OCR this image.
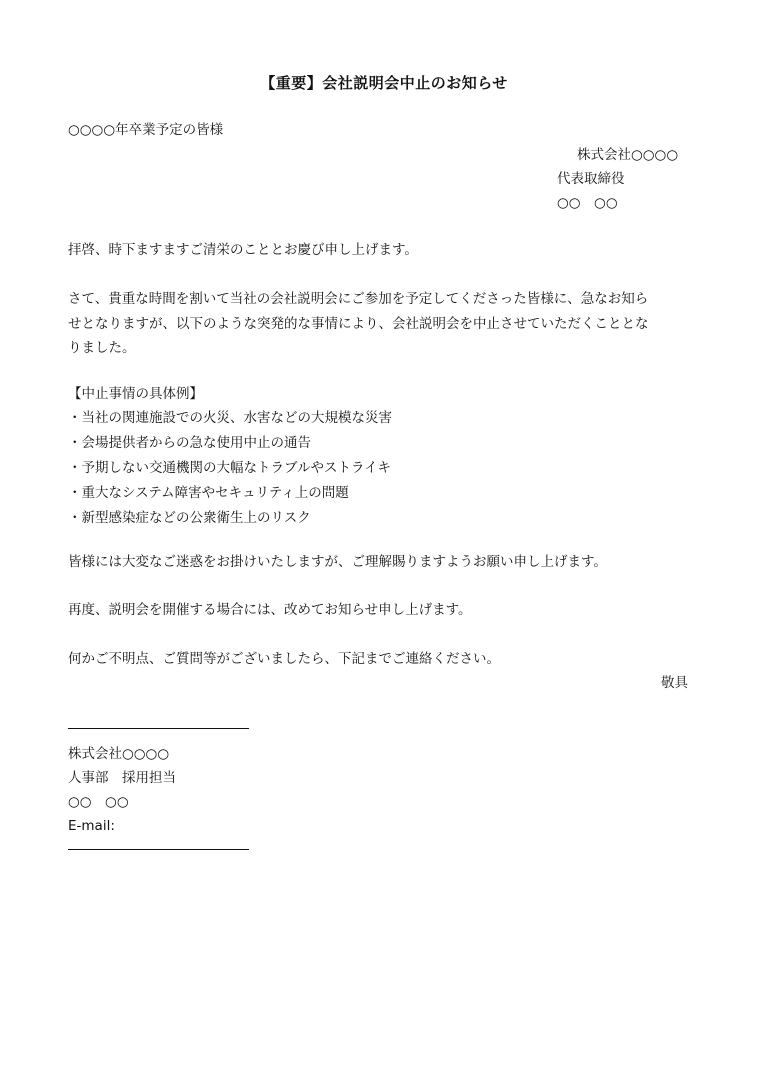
【重要】会社説明会中止のお知らせ
○○○○年卒業予定の皆様
株式会社○○○○
代表取締役
○○　○○
拝啓、時下ますますご清栄のこととお慶び申し上げます。
さて、貴重な時間を割いて当社の会社説明会にご参加を予定してくださった皆様に、急なお知ら
せとなりますが、以下のような突発的な事情により、会社説明会を中止させていただくこととな
りました。
【中止事情の具体例】
・当社の関連施設での火災、水害などの大規模な災害
・会場提供者からの急な使用中止の通告
・予期しない交通機関の大幅なトラブルやストライキ
・重大なシステム障害やセキュリティ上の問題
・新型感染症などの公衆衛生上のリスク
皆様には大変なご迷惑をお掛けいたしますが、ご理解賜りますようお願い申し上げます。
再度、説明会を開催する場合には、改めてお知らせ申し上げます。
何かご不明点、ご質問等がございましたら、下記までご連絡ください。
敬具
株式会社○○○○
人事部　採用担当
○○　○○
E-mail:
